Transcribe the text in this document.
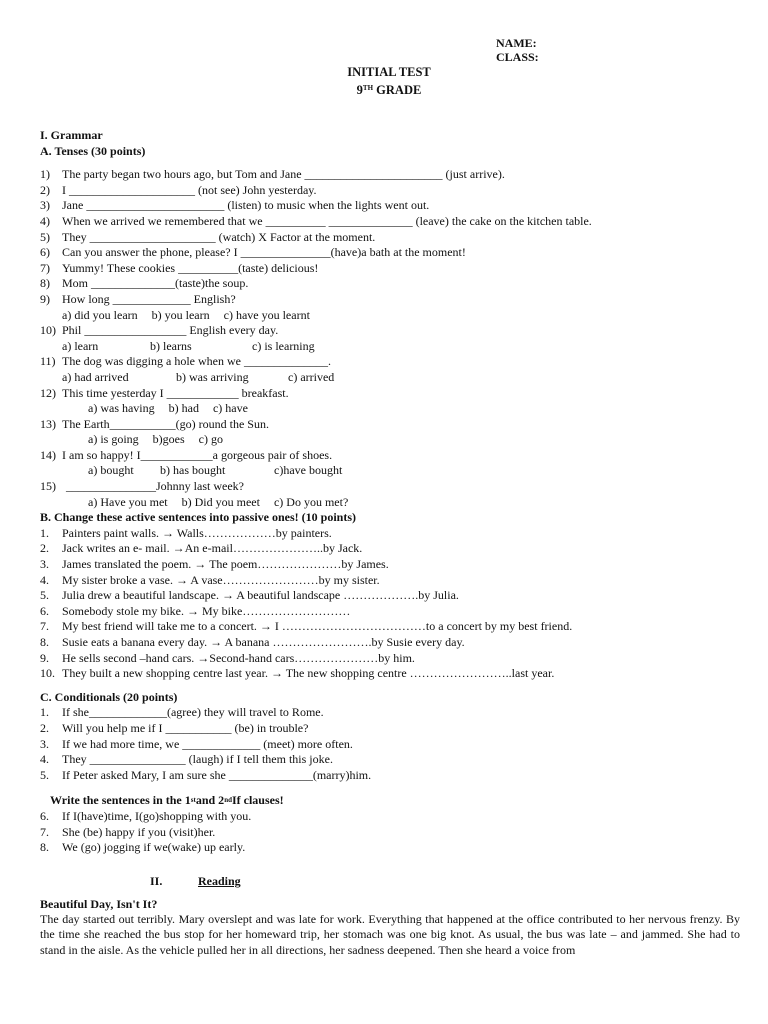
NAME:
CLASS:
INITIAL TEST
9TH GRADE
I. Grammar
A. Tenses (30 points)
1)	The party began two hours ago, but Tom and Jane _______________________ (just arrive).
2)	I _____________________ (not see) John yesterday.
3)	Jane _______________________ (listen) to music when the lights went out.
4)	When we arrived we remembered that we __________ ______________ (leave) the cake on the kitchen table.
5)	They _____________________ (watch) X Factor at the moment.
6)	Can you answer the phone, please? I _______________(have)a bath at the moment!
7)	Yummy! These cookies __________(taste) delicious!
8)	Mom ______________(taste)the soup.
9)	How long _____________ English?
a) did you learn b) you learn c) have you learnt
10) Phil _________________ English every day.
a) learn	b) learns	c) is learning
11) The dog was digging a hole when we ______________.
a) had arrived	b) was arriving	c) arrived
12) This time yesterday I ____________ breakfast.
a) was having b) had c) have
13) The Earth___________(go) round the Sun.
a) is going b)goes c) go
14) I am so happy! I____________a gorgeous pair of shoes.
a) bought	b) has bought	c)have bought
15) _______________Johnny last week?
a) Have you met b) Did you meet c) Do you met?
B. Change these active sentences into passive ones! (10 points)
1.	Painters paint walls. → Walls………………by painters.
2.	Jack writes an e- mail. →An e-mail…………………..by Jack.
3.	James translated the poem. → The poem…………………by James.
4.	My sister broke a vase. → A vase……………………by my sister.
5.	Julia drew a beautiful landscape. → A beautiful landscape ……………….by Julia.
6.	Somebody stole my bike. → My bike………………………
7.	My best friend will take me to a concert. → I ………………………………to a concert by my best friend.
8.	Susie eats a banana every day. → A banana …………………….by Susie every day.
9.	He sells second –hand cars. →Second-hand cars…………………by him.
10. They built a new shopping centre last year. → The new shopping centre ……………………..last year.
C. Conditionals (20 points)
1.	If she_____________(agree) they will travel to Rome.
2.	Will you help me if I ___________ (be) in trouble?
3.	If we had more time, we _____________ (meet) more often.
4.	They ________________ (laugh) if I tell them this joke.
5.	If Peter asked Mary, I am sure she ______________(marry)him.
Write the sentences in the 1 st and 2 nd If clauses!
6.	If I(have)time, I(go)shopping with you.
7.	She (be) happy if you (visit)her.
8.	We (go) jogging if we(wake) up early.
II.	Reading
Beautiful Day, Isn't It?
The day started out terribly. Mary overslept and was late for work. Everything that happened at the office contributed to her nervous frenzy. By the time she reached the bus stop for her homeward trip, her stomach was one big knot. As usual, the bus was late – and jammed. She had to stand in the aisle. As the vehicle pulled her in all directions, her sadness deepened. Then she heard a voice from
